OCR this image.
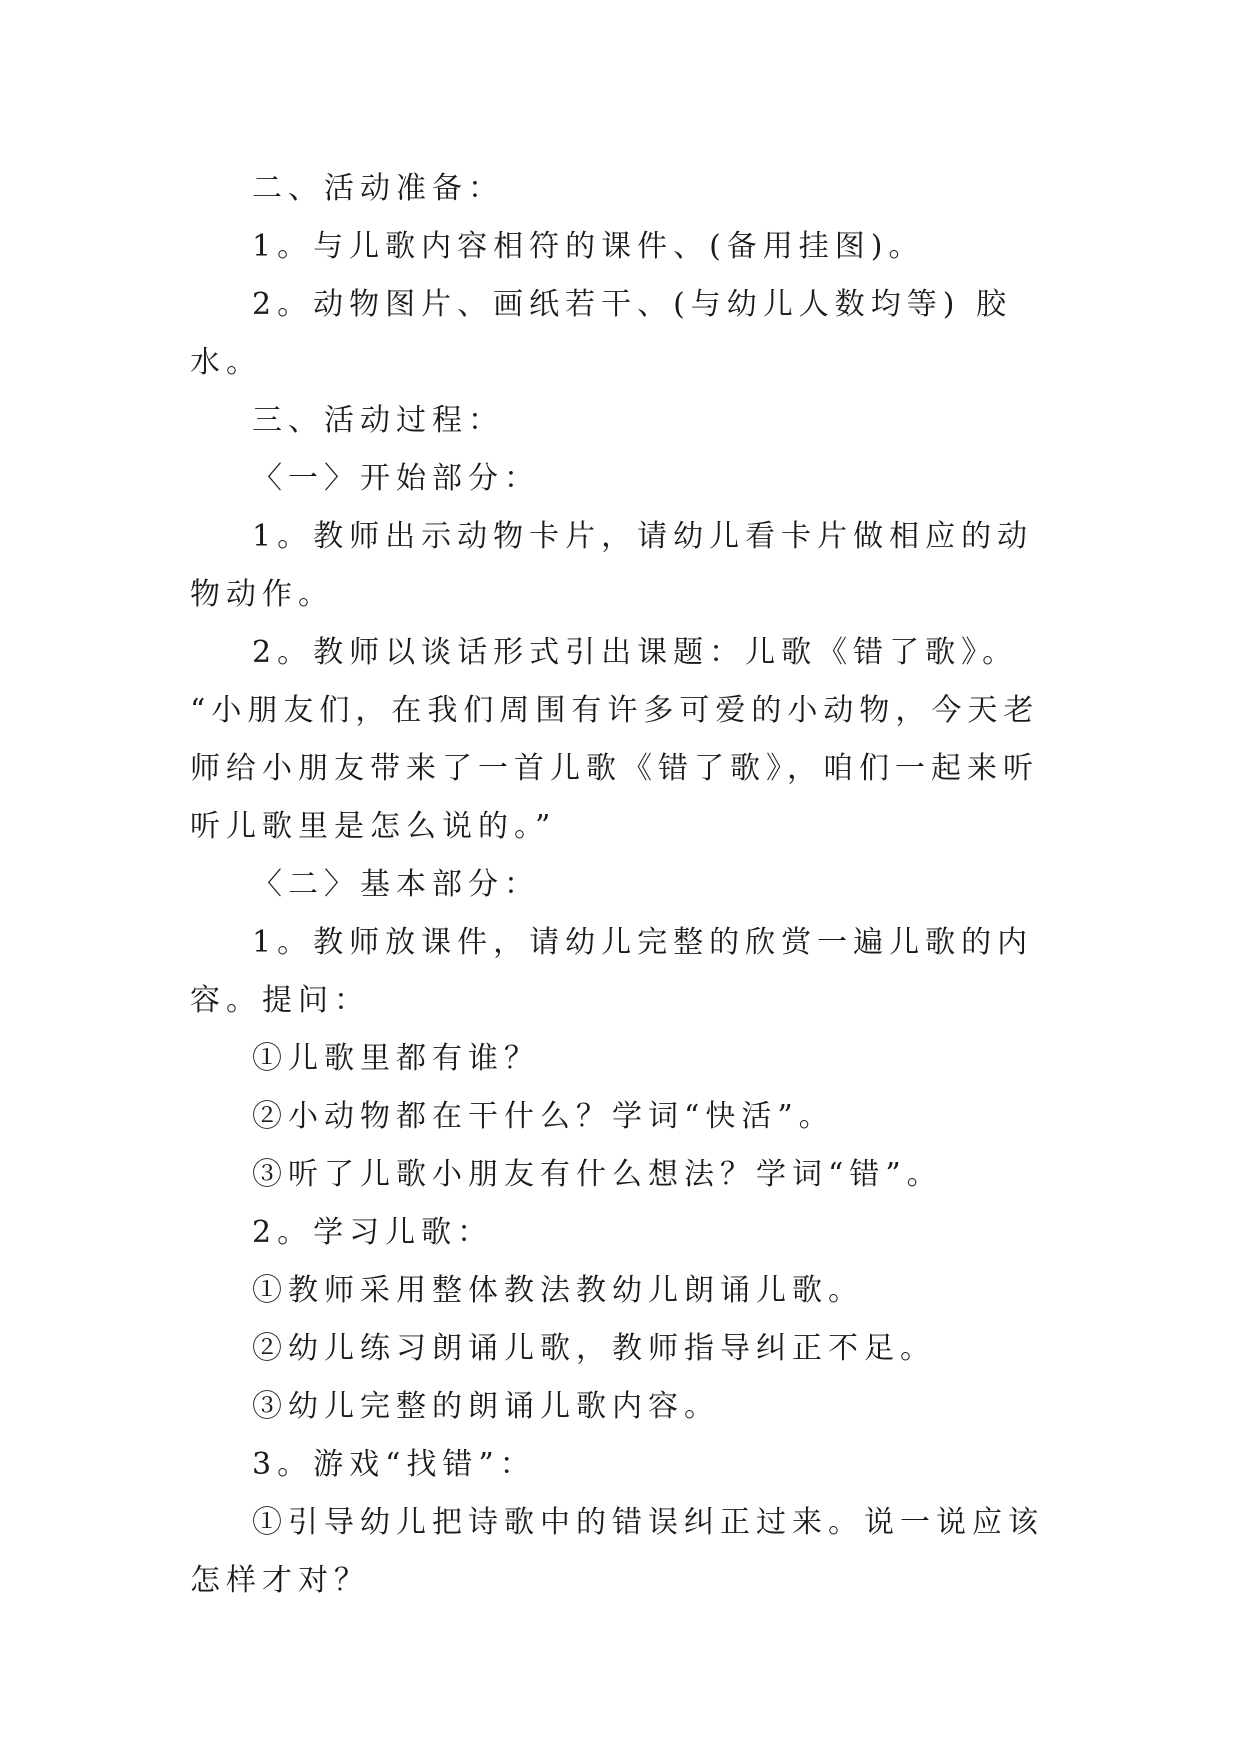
二、活动准备：

1。与儿歌内容相符的课件、(备用挂图)。

2。动物图片、画纸若干、(与幼儿人数均等) 胶水。

三、活动过程：

〈一〉开始部分：

1。教师出示动物卡片，请幼儿看卡片做相应的动物动作。

2。教师以谈话形式引出课题：儿歌《错了歌》。 “小朋友们，在我们周围有许多可爱的小动物，今天老师给小朋友带来了一首儿歌《错了歌》，咱们一起来听听儿歌里是怎么说的。”

〈二〉基本部分：

1。教师放课件，请幼儿完整的欣赏一遍儿歌的内容。提问：

①儿歌里都有谁？

②小动物都在干什么？学词“快活”。

③听了儿歌小朋友有什么想法？学词“错”。

2。学习儿歌：

①教师采用整体教法教幼儿朗诵儿歌。

②幼儿练习朗诵儿歌，教师指导纠正不足。

③幼儿完整的朗诵儿歌内容。

3。游戏“找错”：

①引导幼儿把诗歌中的错误纠正过来。说一说应该怎样才对？
